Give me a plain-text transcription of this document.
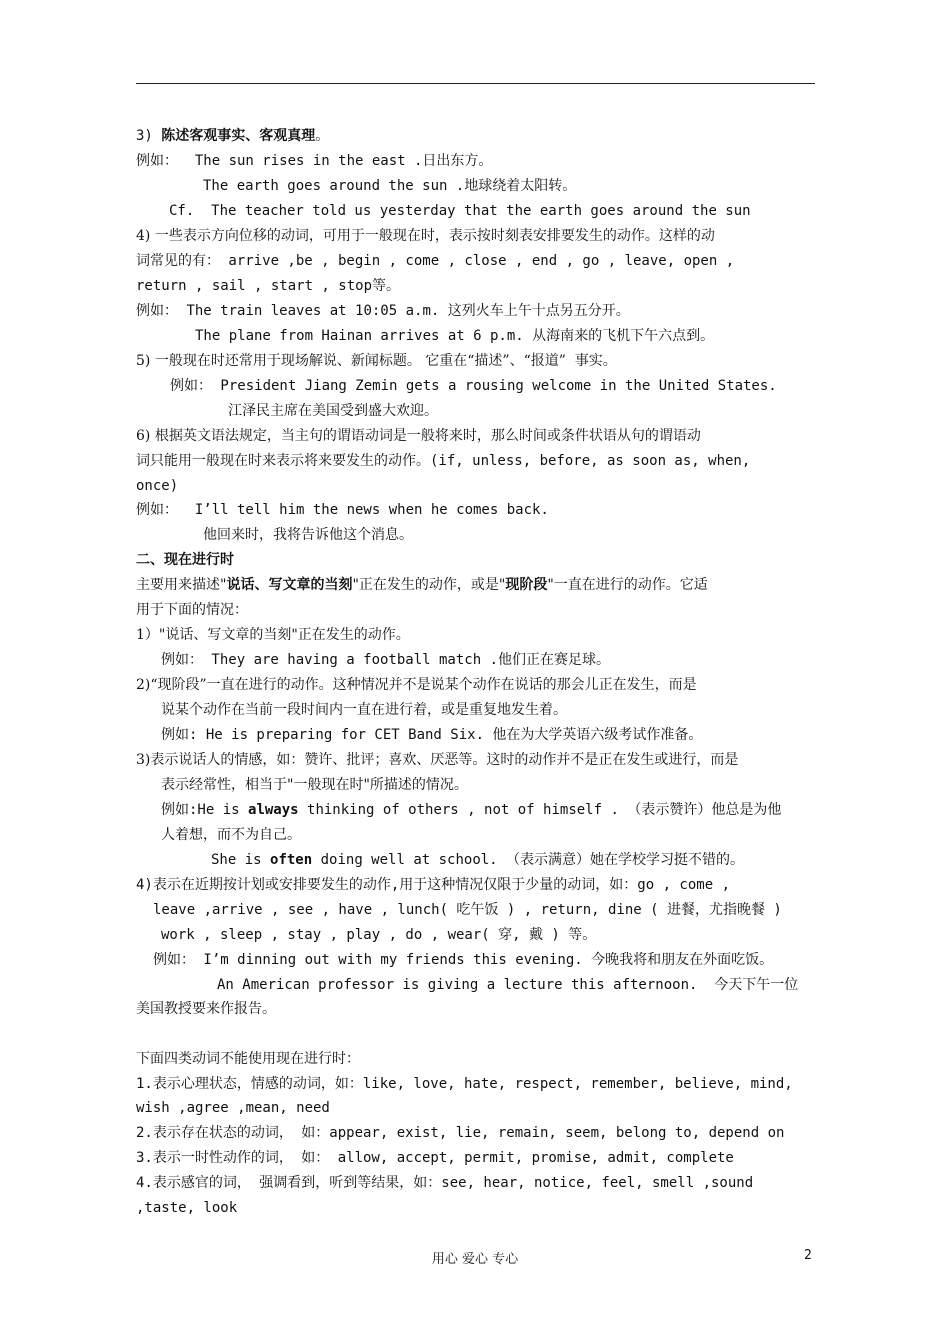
3) 陈述客观事实、客观真理。
例如： The sun rises in the east .日出东方。
The earth goes around the sun .地球绕着太阳转。
Cf.  The teacher told us yesterday that the earth goes around the sun
4) 一些表示方向位移的动词，可用于一般现在时，表示按时刻表安排要发生的动作。这样的动
词常见的有： arrive ,be , begin , come , close , end , go , leave, open ,
return , sail , start , stop等。
例如： The train leaves at 10:05 a.m. 这列火车上午十点另五分开。
The plane from Hainan arrives at 6 p.m. 从海南来的飞机下午六点到。
5) 一般现在时还常用于现场解说、新闻标题。 它重在“描述”、“报道”  事实。
例如： President Jiang Zemin gets a rousing welcome in the United States.
江泽民主席在美国受到盛大欢迎。
6) 根据英文语法规定，当主句的谓语动词是一般将来时，那么时间或条件状语从句的谓语动
词只能用一般现在时来表示将来要发生的动作。(if, unless, before, as soon as, when,
once)
例如： I’ll tell him the news when he comes back.
他回来时，我将告诉他这个消息。
二、现在进行时
主要用来描述"说话、写文章的当刻"正在发生的动作，或是"现阶段"一直在进行的动作。它适
用于下面的情况：
1）"说话、写文章的当刻"正在发生的动作。
例如： They are having a football match .他们正在赛足球。
2)“现阶段”一直在进行的动作。这种情况并不是说某个动作在说话的那会儿正在发生，而是
说某个动作在当前一段时间内一直在进行着，或是重复地发生着。
例如: He is preparing for CET Band Six. 他在为大学英语六级考试作准备。
3)表示说话人的情感，如：赞许、批评；喜欢、厌恶等。这时的动作并不是正在发生或进行，而是
表示经常性，相当于"一般现在时"所描述的情况。
例如:He is always thinking of others , not of himself . （表示赞许）他总是为他
人着想，而不为自己。
She is often doing well at school. （表示满意）她在学校学习挺不错的。
4)表示在近期按计划或安排要发生的动作,用于这种情况仅限于少量的动词，如：go , come ,
leave ,arrive , see , have , lunch( 吃午饭 ) , return, dine ( 进餐，尤指晚餐 )
work , sleep , stay , play , do , wear( 穿, 戴 ) 等。
例如： I’m dinning out with my friends this evening. 今晚我将和朋友在外面吃饭。
An American professor is giving a lecture this afternoon.  今天下午一位
美国教授要来作报告。
下面四类动词不能使用现在进行时：
1.表示心理状态，情感的动词，如：like, love, hate, respect, remember, believe, mind,
wish ,agree ,mean, need
2.表示存在状态的动词， 如：appear, exist, lie, remain, seem, belong to, depend on
3.表示一时性动作的词， 如： allow, accept, permit, promise, admit, complete
4.表示感官的词， 强调看到，听到等结果，如：see, hear, notice, feel, smell ,sound
,taste, look
用心 爱心 专心	2
